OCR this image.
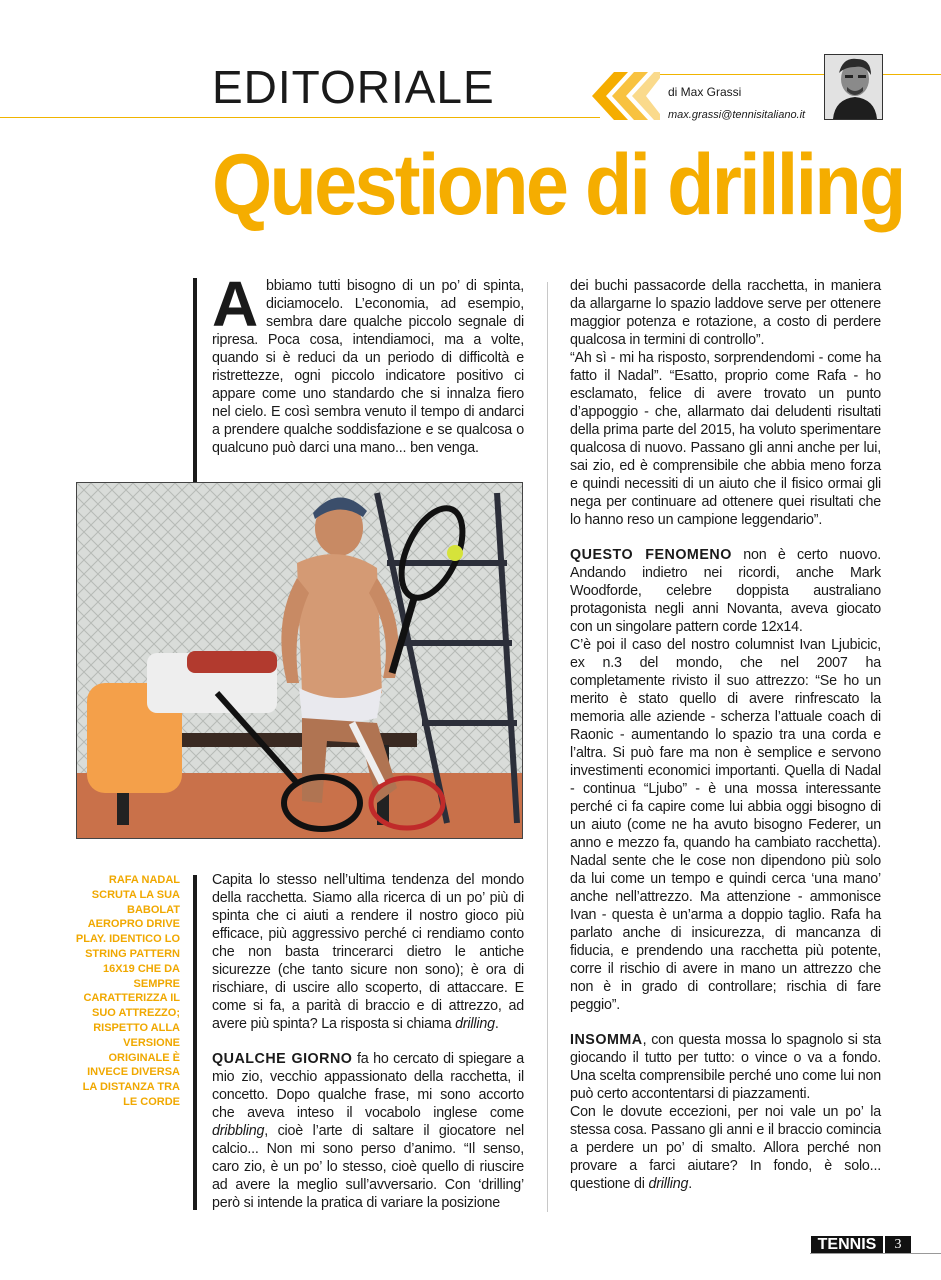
EDITORIALE	di Max Grassi
max.grassi@tennisitaliano.it
Questione di drilling
A bbiamo tutti bisogno di un po’ di spinta, diciamocelo. L’economia, ad esempio, sembra dare qualche piccolo segnale di ripresa. Poca cosa, intendiamoci, ma a volte, quando si è reduci da un periodo di difficoltà e ristrettezze, ogni piccolo indicatore positivo ci appare come uno standardo che si innalza fiero nel cielo. E così sembra venuto il tempo di andarci a prendere qualche soddisfazione e se qualcosa o qualcuno può darci una mano... ben venga.
RAFA NADAL SCRUTA LA SUA BABOLAT AEROPRO DRIVE PLAY. IDENTICO LO STRING PATTERN 16X19 CHE DA SEMPRE CARATTERIZZA IL SUO ATTREZZO; RISPETTO ALLA VERSIONE ORIGINALE È INVECE DIVERSA LA DISTANZA TRA LE CORDE

Capita lo stesso nell’ultima tendenza del mondo della racchetta. Siamo alla ricerca di un po’ più di spinta che ci aiuti a rendere il nostro gioco più efficace, più aggressivo perché ci rendiamo conto che non basta trincerarci dietro le antiche sicurezze (che tanto sicure non sono); è ora di rischiare, di uscire allo scoperto, di attaccare. E come si fa, a parità di braccio e di attrezzo, ad avere più spinta? La risposta si chiama drilling.

QUALCHE GIORNO fa ho cercato di spiegare a mio zio, vecchio appassionato della racchetta, il concetto. Dopo qualche frase, mi sono accorto che aveva inteso il vocabolo inglese come dribbling, cioè l’arte di saltare il giocatore nel calcio... Non mi sono perso d’animo. “Il senso, caro zio, è un po’ lo stesso, cioè quello di riuscire ad avere la meglio sull’avversario. Con ‘drilling’ però si intende la pratica di variare la posizione

dei buchi passacorde della racchetta, in maniera da allargarne lo spazio laddove serve per ottenere maggior potenza e rotazione, a costo di perdere qualcosa in termini di controllo”.

“Ah sì - mi ha risposto, sorprendendomi - come ha fatto il Nadal”. “Esatto, proprio come Rafa - ho esclamato, felice di avere trovato un punto d’appoggio - che, allarmato dai deludenti risultati della prima parte del 2015, ha voluto sperimentare qualcosa di nuovo. Passano gli anni anche per lui, sai zio, ed è comprensibile che abbia meno forza e quindi necessiti di un aiuto che il fisico ormai gli nega per continuare ad ottenere quei risultati che lo hanno reso un campione leggendario”.

QUESTO FENOMENO non è certo nuovo. Andando indietro nei ricordi, anche Mark Woodforde, celebre doppista australiano protagonista negli anni Novanta, aveva giocato con un singolare pattern corde 12x14.

C’è poi il caso del nostro columnist Ivan Ljubicic, ex n.3 del mondo, che nel 2007 ha completamente rivisto il suo attrezzo: “Se ho un merito è stato quello di avere rinfrescato la memoria alle aziende - scherza l’attuale coach di Raonic - aumentando lo spazio tra una corda e l’altra. Si può fare ma non è semplice e servono investimenti economici importanti. Quella di Nadal - continua “Ljubo” - è una mossa interessante perché ci fa capire come lui abbia oggi bisogno di un aiuto (come ne ha avuto bisogno Federer, un anno e mezzo fa, quando ha cambiato racchetta). Nadal sente che le cose non dipendono più solo da lui come un tempo e quindi cerca ‘una mano’ anche nell’attrezzo. Ma attenzione - ammonisce Ivan - questa è un’arma a doppio taglio. Rafa ha parlato anche di insicurezza, di mancanza di fiducia, e prendendo una racchetta più potente, corre il rischio di avere in mano un attrezzo che non è in grado di controllare; rischia di fare peggio”.

INSOMMA, con questa mossa lo spagnolo si sta giocando il tutto per tutto: o vince o va a fondo. Una scelta comprensibile perché uno come lui non può certo accontentarsi di piazzamenti.

Con le dovute eccezioni, per noi vale un po’ la stessa cosa. Passano gli anni e il braccio comincia a perdere un po’ di smalto. Allora perché non provare a farci aiutare? In fondo, è solo... questione di drilling.

TENNIS	3
